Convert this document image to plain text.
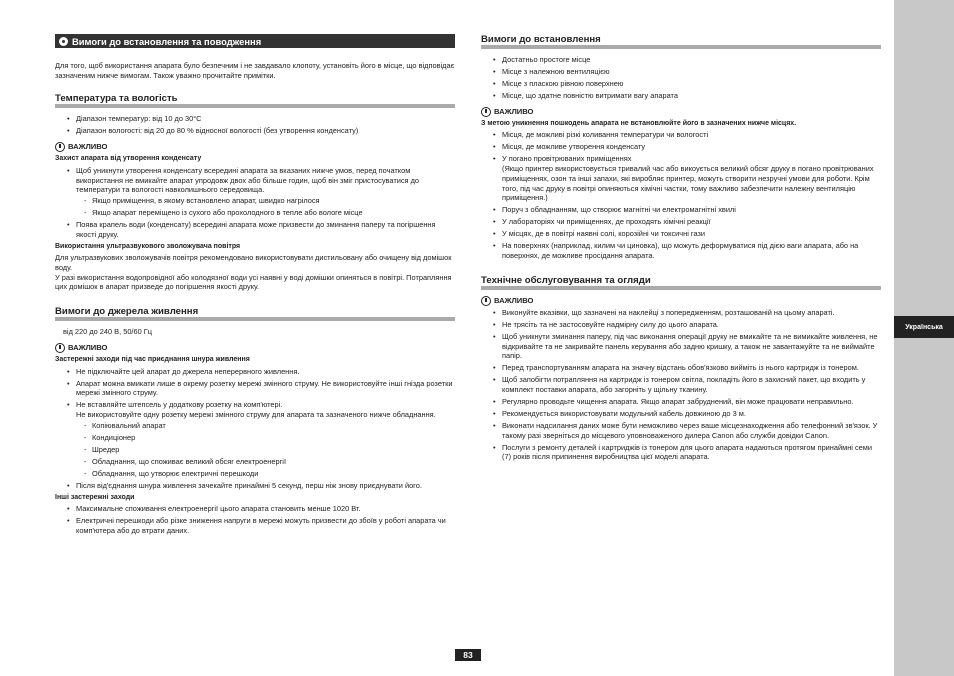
Українська
Вимоги до встановлення та поводження
Для того, щоб використання апарата було безпечним і не завдавало клопоту, установіть його в місце, що відповідає зазначеним нижче вимогам. Також уважно прочитайте примітки.
Температура та вологість
• Діапазон температур: від 10 до 30°C
• Діапазон вологості: від 20 до 80 % відносної вологості (без утворення конденсату)
ВАЖЛИВО
Захист апарата від утворення конденсату
• Щоб уникнути утворення конденсату всередині апарата за вказаних нижче умов, перед початком використання не вмикайте апарат упродовж двох або більше годин, щоб він зміг пристосуватися до температури та вологості навколишнього середовища.
- Якщо приміщення, в якому встановлено апарат, швидко нагрілося
- Якщо апарат переміщено із сухого або прохолодного в тепле або вологе місце
• Поява крапель води (конденсату) всередині апарата може призвести до зминання паперу та погіршення якості друку.
Використання ультразвукового зволожувача повітря
Для ультразвукових зволожувачів повітря рекомендовано використовувати дистильовану або очищену від домішок воду.
У разі використання водопровідної або колодязної води усі наявні у воді домішки опиняться в повітрі. Потрапляння цих домішок в апарат призведе до погіршення якості друку.
Вимоги до джерела живлення
від 220 до 240 В, 50/60 Гц
ВАЖЛИВО
Застережні заходи під час приєднання шнура живлення
• Не підключайте цей апарат до джерела неперервного живлення.
• Апарат можна вмикати лише в окрему розетку мережі змінного струму. Не використовуйте інші гнізда розетки мережі змінного струму.
• Не вставляйте штепсель у додаткову розетку на комп'ютері.
Не використовуйте одну розетку мережі змінного струму для апарата та зазначеного нижче обладнання.
- Копіювальний апарат
- Кондиціонер
- Шредер
- Обладнання, що споживає великий обсяг електроенергії
- Обладнання, що утворює електричні перешкоди
• Після від'єднання шнура живлення зачекайте принаймні 5 секунд, перш ніж знову приєднувати його.
Інші застережні заходи
• Максимальне споживання електроенергії цього апарата становить менше 1020 Вт.
• Електричні перешкоди або різке зниження напруги в мережі можуть призвести до збоїв у роботі апарата чи комп'ютера або до втрати даних.
Вимоги до встановлення
• Достатньо простоге місце
• Місце з належною вентиляцією
• Місце з пласкою рівною поверхнею
• Місце, що здатне повністю витримати вагу апарата
ВАЖЛИВО
З метою уникнення пошкодень апарата не встановлюйте його в зазначених нижче місцях.
• Місця, де можливі різкі коливання температури чи вологості
• Місця, де можливе утворення конденсату
• У погано провітрюваних приміщеннях
(Якщо принтер використовується тривалий час або викоується великий обсяг друку в погано провітрюваних приміщеннях, озон та інші запахи, які виробляє принтер, можуть створити незручні умови для роботи. Крім того, під час друку в повітрі опиняються хімічні частки, тому важливо забезпечити належну вентиляцію приміщення.)
• Поруч з обладнанням, що створює магнітні чи електромагнітні хвилі
• У лабораторіях чи приміщеннях, де проходять хімічні реакції
• У місцях, де в повітрі наявні солі, корозійні чи токсичні гази
• На поверхнях (наприклад, килим чи циновка), що можуть деформуватися під дією ваги апарата, або на поверхнях, де можливе просідання апарата.
Технічне обслуговування та огляди
ВАЖЛИВО
• Виконуйте вказівки, що зазначені на наклейці з попередженням, розташованій на цьому апараті.
• Не трясіть та не застосовуйте надмірну силу до цього апарата.
• Щоб уникнути зминання паперу, під час виконання операції друку не вмикайте та не вимикайте живлення, не відкривайте та не закривайте панель керування або задню кришку, а також не завантажуйте та не виймайте папір.
• Перед транспортуванням апарата на значну відстань обов'язково вийміть із нього картридж із тонером.
• Щоб запобігти потрапляння на картридж із тонером світла, покладіть його в захисний пакет, що входить у комплект поставки апарата, або загорніть у щільну тканину.
• Регулярно проводьте чищення апарата. Якщо апарат забруднений, він може працювати неправильно.
• Рекомендується використовувати модульний кабель довжиною до 3 м.
• Виконати надсилання даних може бути неможливо через ваше місцезнаходження або телефонний зв'язок. У такому разі зверніться до місцевого уповноваженого дилера Canon або служби довідки Canon.
• Послуги з ремонту деталей і картриджів із тонером для цього апарата надаються протягом принаймні семи (7) років після припинення виробництва цієї моделі апарата.
83
